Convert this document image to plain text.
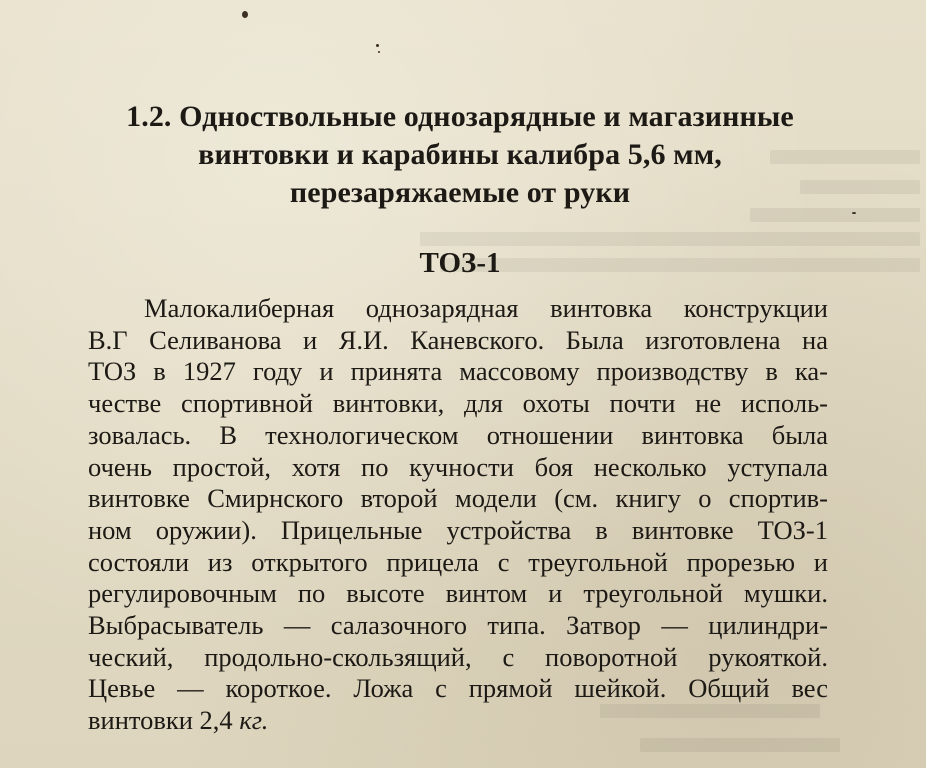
1.2. Одноствольные однозарядные и магазинные
винтовки и карабины калибра 5,6 мм,
перезаряжаемые от руки
ТОЗ-1
Малокалиберная однозарядная винтовка конструкции
В.Г Селиванова и Я.И. Каневского. Была изготовлена на
ТОЗ в 1927 году и принята массовому производству в ка-
честве спортивной винтовки, для охоты почти не исполь-
зовалась. В технологическом отношении винтовка была
очень простой, хотя по кучности боя несколько уступала
винтовке Смирнского второй модели (см. книгу о спортив-
ном оружии). Прицельные устройства в винтовке ТОЗ-1
состояли из открытого прицела с треугольной прорезью и
регулировочным по высоте винтом и треугольной мушки.
Выбрасыватель — салазочного типа. Затвор — цилиндри-
ческий, продольно-скользящий, с поворотной рукояткой.
Цевье — короткое. Ложа с прямой шейкой. Общий вес
винтовки 2,4 кг.
